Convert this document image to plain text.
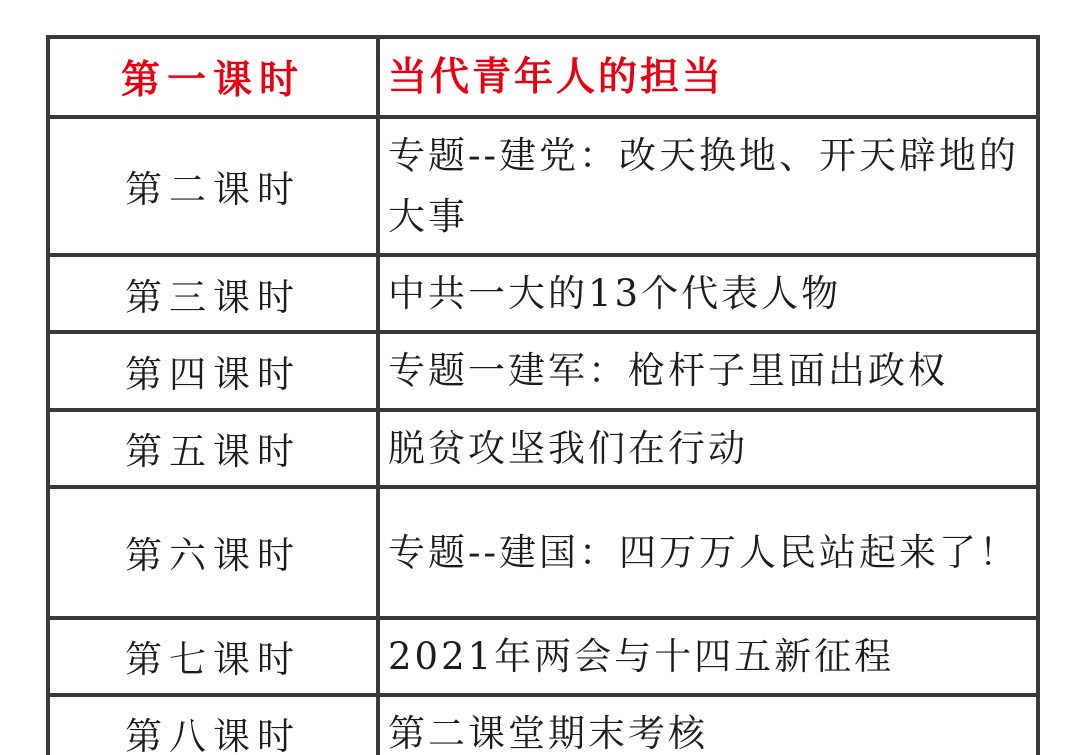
第一课时	当代青年人的担当
第二课时	专题--建党：改天换地、开天辟地的大事
第三课时	中共一大的13个代表人物
第四课时	专题一建军：枪杆子里面出政权
第五课时	脱贫攻坚我们在行动
第六课时	专题--建国：四万万人民站起来了！
第七课时	2021年两会与十四五新征程
第八课时	第二课堂期末考核
